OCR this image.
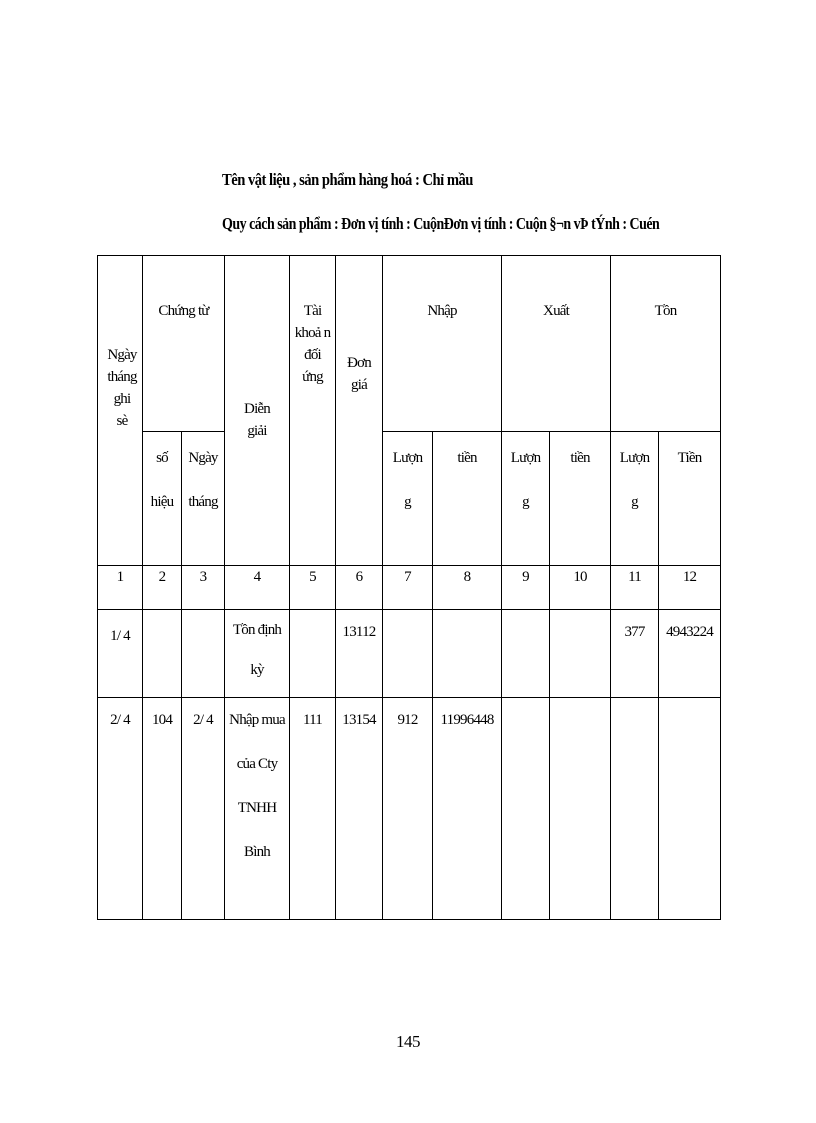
Tên vật liệu , sản phẩm hàng hoá : Chỉ mầu
Quy cách sản phẩm : Đơn vị tính : CuộnĐơn vị tính : Cuộn §¬n vÞ tÝnh : Cuén
Ngày tháng ghi sè	Chứng từ		Diễn giải	Tài khoả n đối ứng	Đơn giá	Nhập		Xuất		Tồn	

	số hiệu	Ngày tháng				Lượn g	tiền	Lượn g	tiền	Lượn g	Tiền
1	2	3	4	5	6	7	8	9	10	11	12
1/ 4			Tồn định kỳ		13112					377	4943224
2/ 4	104	2/ 4	Nhập mua của Cty TNHH Bình	111	13154	912	11996448				
145
